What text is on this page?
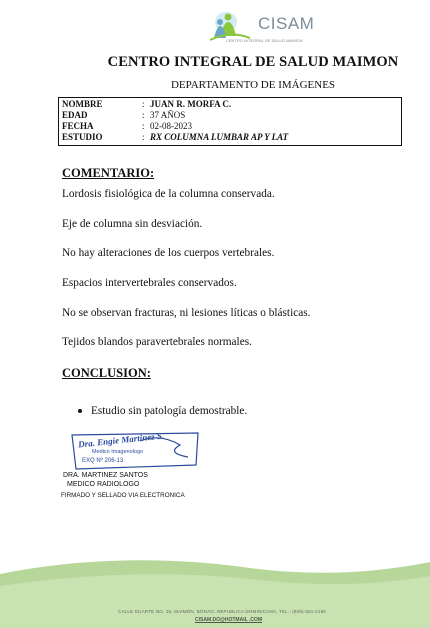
CISAM
CENTRO INTEGRAL DE SALUD MAIMON
CENTRO INTEGRAL DE SALUD MAIMON
DEPARTAMENTO DE IMÁGENES
NOMBRE	: JUAN R. MORFA C.
EDAD	: 37 AÑOS
FECHA	: 02-08-2023
ESTUDIO	: RX COLUMNA LUMBAR AP Y LAT
COMENTARIO:
Lordosis fisiológica de la columna conservada.
Eje de columna sin desviación.
No hay alteraciones de los cuerpos vertebrales.
Espacios intervertebrales conservados.
No se observan fracturas, ni lesiones líticas o blásticas.
Tejidos blandos paravertebrales normales.
CONCLUSION:
Estudio sin patología demostrable.
Dra. Engie Martinez S.
Medico Imagenologo
EXQ Nº 206-13
DRA. MARTINEZ SANTOS
MEDICO RADIOLOGO
FIRMADO Y SELLADO VIA ELECTRONICA
CALLE DUARTE NO. 15, MAIMÓN, BONAO, REPUBLICA DOMINICANA, TEL.: (809)-551-2196
CISAM.DO@HOTMAIL .COM
